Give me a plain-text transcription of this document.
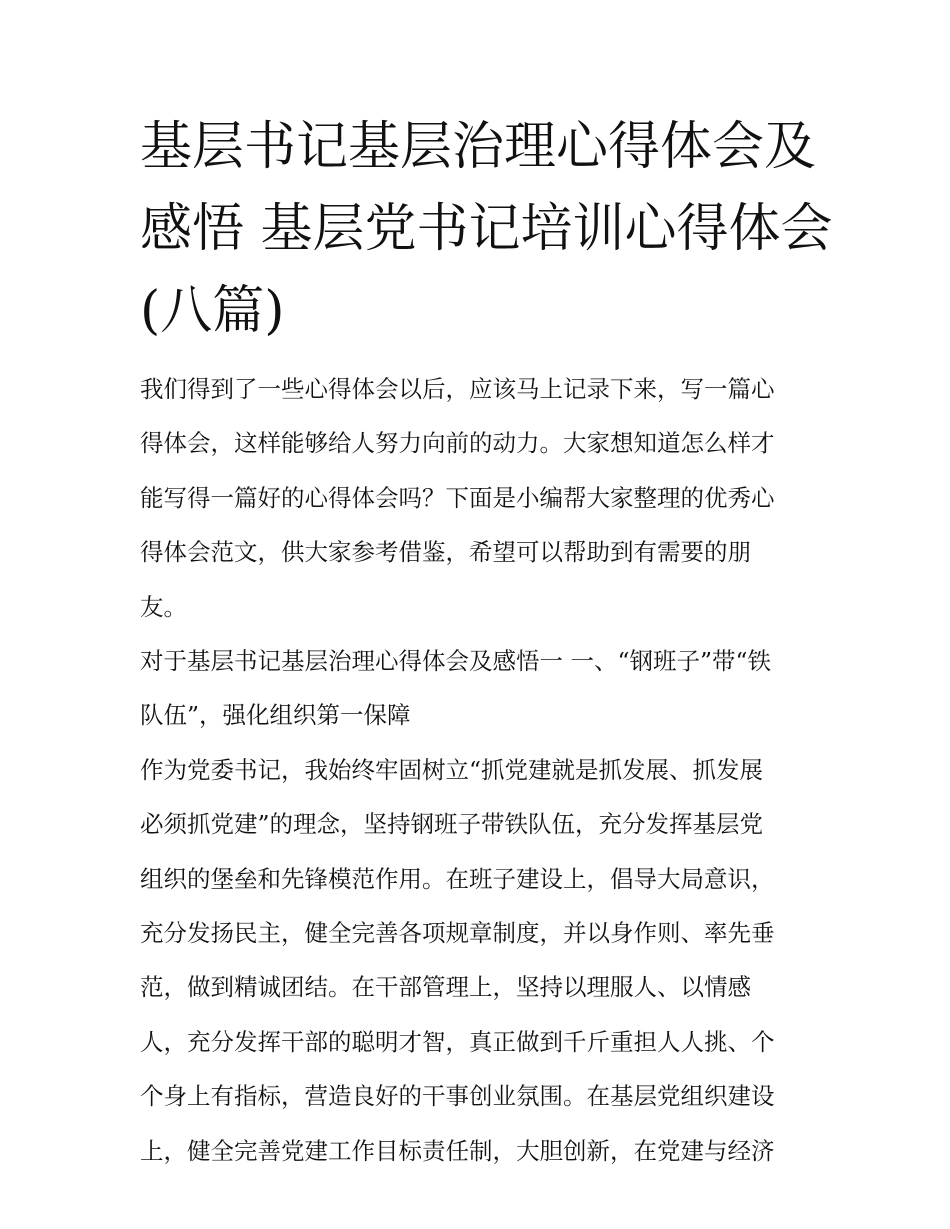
基层书记基层治理心得体会及
感悟 基层党书记培训心得体会
(八篇)
我们得到了一些心得体会以后，应该马上记录下来，写一篇心
得体会，这样能够给人努力向前的动力。大家想知道怎么样才
能写得一篇好的心得体会吗？下面是小编帮大家整理的优秀心
得体会范文，供大家参考借鉴，希望可以帮助到有需要的朋
友。
对于基层书记基层治理心得体会及感悟一 一、“钢班子”带“铁
队伍”，强化组织第一保障
作为党委书记，我始终牢固树立“抓党建就是抓发展、抓发展
必须抓党建”的理念，坚持钢班子带铁队伍，充分发挥基层党
组织的堡垒和先锋模范作用。在班子建设上，倡导大局意识，
充分发扬民主，健全完善各项规章制度，并以身作则、率先垂
范，做到精诚团结。在干部管理上，坚持以理服人、以情感
人，充分发挥干部的聪明才智，真正做到千斤重担人人挑、个
个身上有指标，营造良好的干事创业氛围。在基层党组织建设
上，健全完善党建工作目标责任制，大胆创新，在党建与经济
